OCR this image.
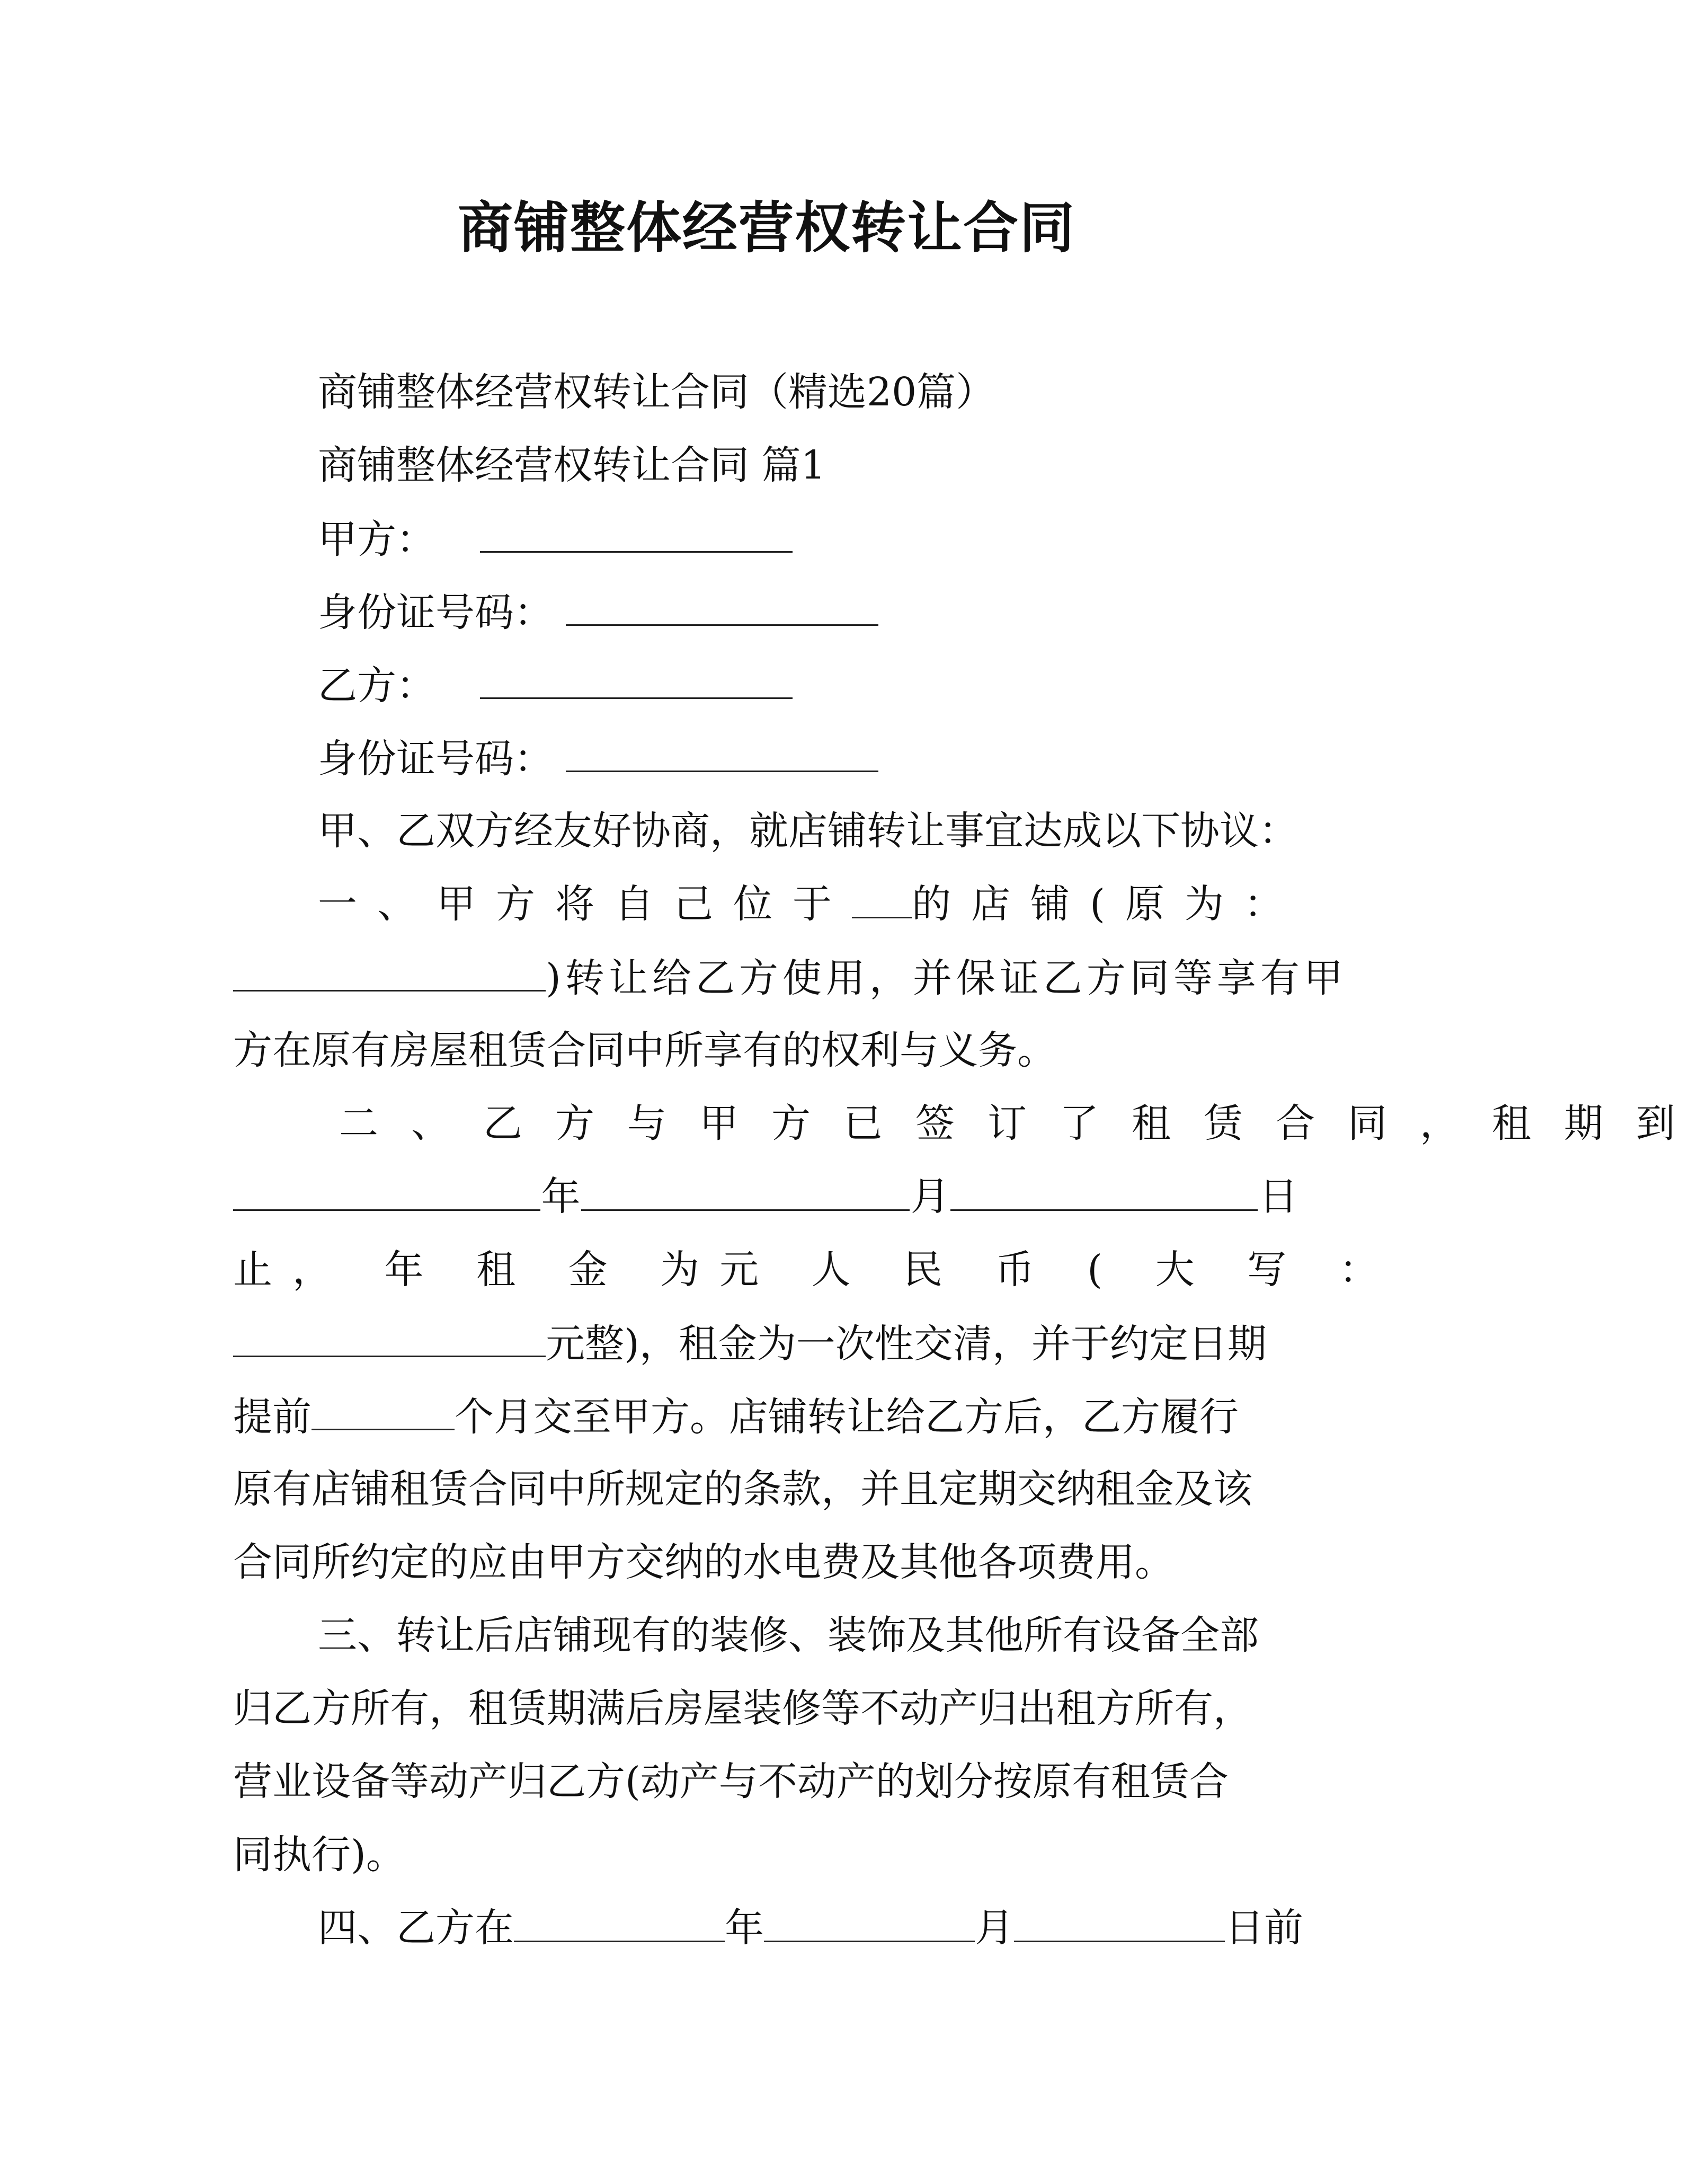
商铺整体经营权转让合同
商铺整体经营权转让合同（精选20篇）
商铺整体经营权转让合同 篇1
甲方：
身份证号码：
乙方：
身份证号码：
甲、乙双方经友好协商，就店铺转让事宜达成以下协议：
一、甲方将自己位于 的店铺(原为：
)转让给乙方使用，并保证乙方同等享有甲
方在原有房屋租赁合同中所享有的权利与义务。
二、乙方与甲方已签订了租赁合同，租期到
年	月	日
止， 年 租 金 为 元 人 民 币 ( 大 写 ：
元整)，租金为一次性交清，并于约定日期
提前	个月交至甲方。店铺转让给乙方后，乙方履行
原有店铺租赁合同中所规定的条款，并且定期交纳租金及该
合同所约定的应由甲方交纳的水电费及其他各项费用。
三、转让后店铺现有的装修、装饰及其他所有设备全部
归乙方所有，租赁期满后房屋装修等不动产归出租方所有，
营业设备等动产归乙方(动产与不动产的划分按原有租赁合
同执行)。
四、乙方在	年	月	日前
